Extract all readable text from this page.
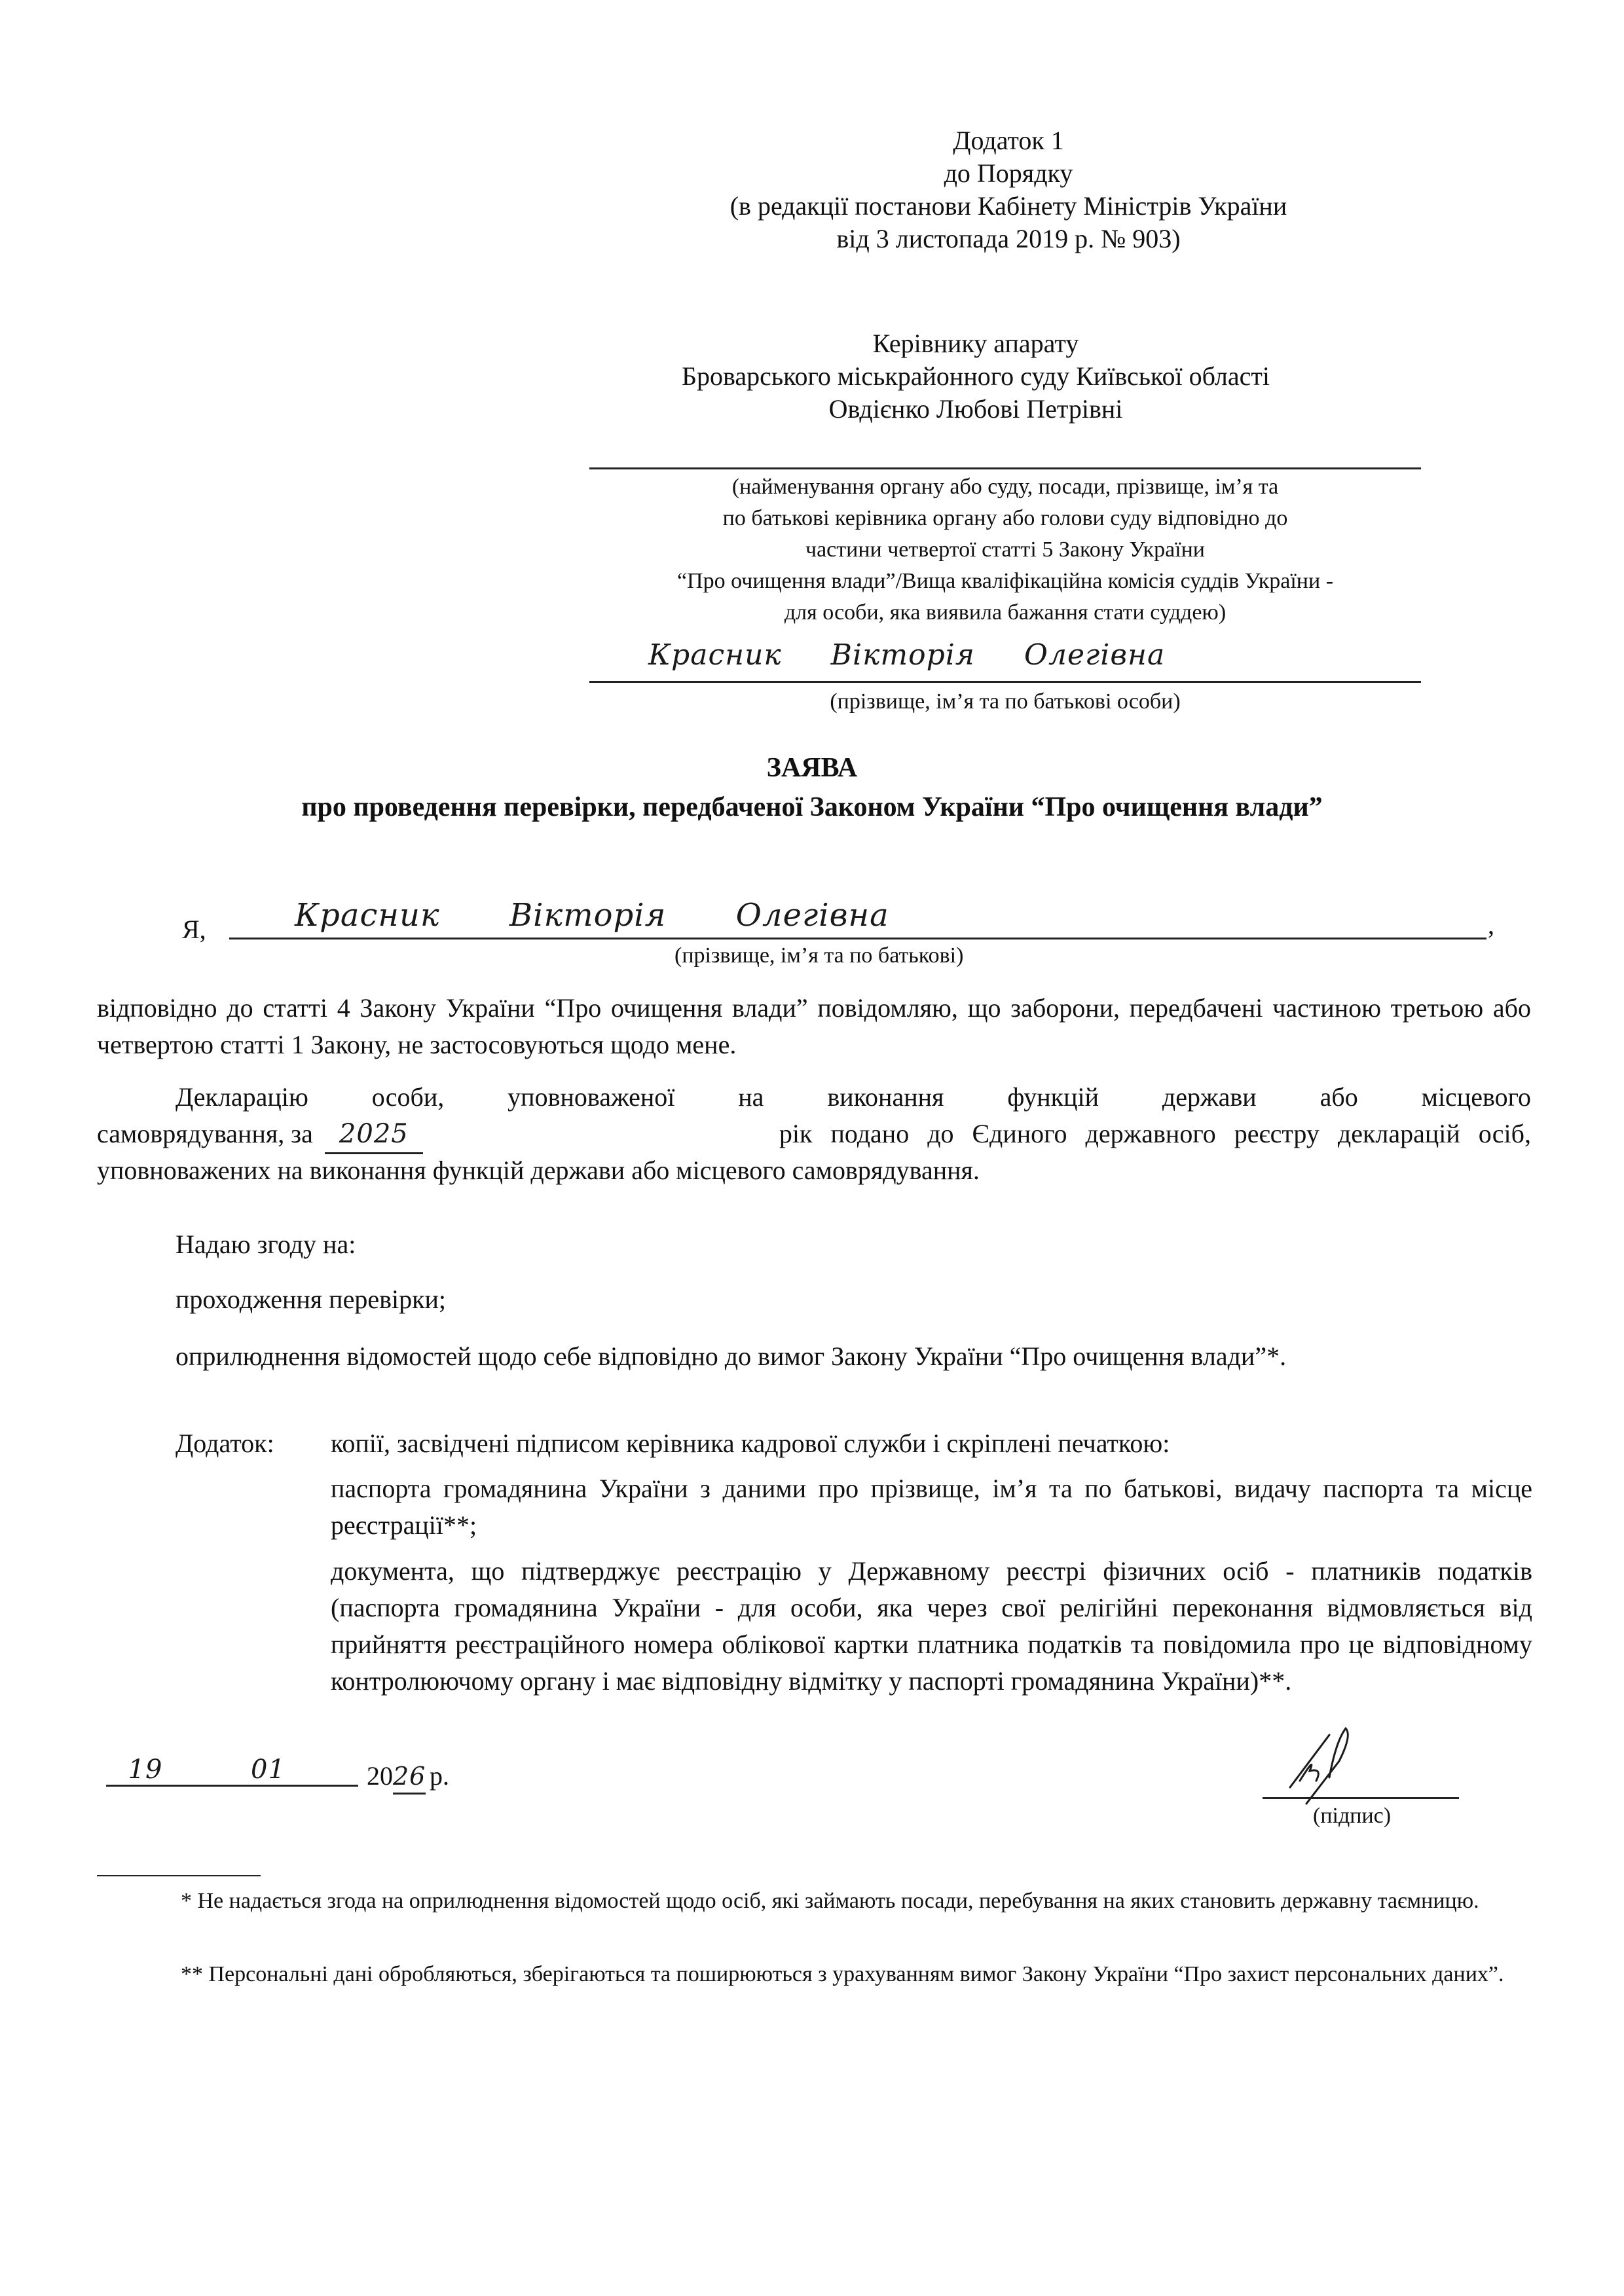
Додаток 1
до Порядку
(в редакції постанови Кабінету Міністрів України
від 3 листопада 2019 р. № 903)
Керівнику апарату
Броварського міськрайонного суду Київської області
Овдієнко Любові Петрівні
(найменування органу або суду, посади, прізвище, ім’я та
по батькові керівника органу або голови суду відповідно до
частини четвертої статті 5 Закону України
“Про очищення влади”/Вища кваліфікаційна комісія суддів України -
для особи, яка виявила бажання стати суддею)
Красник Вікторія Олегівна
(прізвище, ім’я та по батькові особи)
ЗАЯВА
про проведення перевірки, передбаченої Законом України “Про очищення влади”
Я,	Красник Вікторія Олегівна	,
(прізвище, ім’я та по батькові)
відповідно до статті 4 Закону України “Про очищення влади” повідомляю, що заборони, передбачені частиною третьою або четвертою статті 1 Закону, не застосовуються щодо мене.
Декларацію особи, уповноваженої на виконання функцій держави або місцевого
самоврядування, за	2025	рік подано до Єдиного державного реєстру декларацій осіб,
уповноважених на виконання функцій держави або місцевого самоврядування.
Надаю згоду на:
проходження перевірки;
оприлюднення відомостей щодо себе відповідно до вимог Закону України “Про очищення влади”*.
Додаток: копії, засвідчені підписом керівника кадрової служби і скріплені печаткою:
паспорта громадянина України з даними про прізвище, ім’я та по батькові, видачу паспорта та місце реєстрації**;
документа, що підтверджує реєстрацію у Державному реєстрі фізичних осіб - платників податків (паспорта громадянина України - для особи, яка через свої релігійні переконання відмовляється від прийняття реєстраційного номера облікової картки платника податків та повідомила про це відповідному контролюючому органу і має відповідну відмітку у паспорті громадянина України)**.
19	01	20 26 р.
(підпис)
* Не надається згода на оприлюднення відомостей щодо осіб, які займають посади, перебування на яких становить державну таємницю.
** Персональні дані обробляються, зберігаються та поширюються з урахуванням вимог Закону України “Про захист персональних даних”.
